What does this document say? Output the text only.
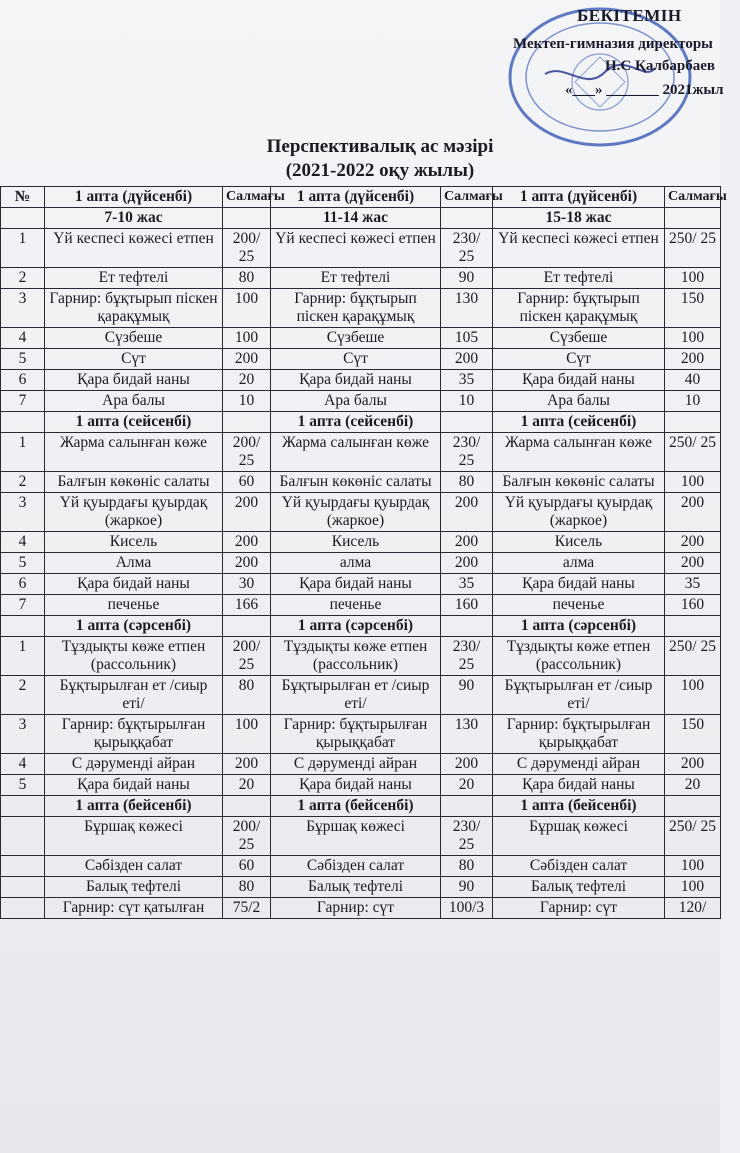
БЕКІТЕМІН
Мектеп-гимназия директоры
Н.С Қалбарбаев
«___» _______ 2021жыл
Перспективалық ас мәзірі
(2021-2022 оқу жылы)
№	1 апта (дүйсенбі)	Салмағы	1 апта (дүйсенбі)	Салмағы	1 апта (дүйсенбі)	Салмағы
	7-10 жас		11-14 жас		15-18 жас	
1	Үй кеспесі көжесі етпен	200/ 25	Үй кеспесі көжесі етпен	230/ 25	Үй кеспесі көжесі етпен	250/ 25
2	Ет тефтелі	80	Ет тефтелі	90	Ет тефтелі	100
3	Гарнир: бұқтырып піскен қарақұмық	100	Гарнир: бұқтырып піскен қарақұмық	130	Гарнир: бұқтырып піскен қарақұмық	150
4	Сүзбеше	100	Сүзбеше	105	Сүзбеше	100
5	Сүт	200	Сүт	200	Сүт	200
6	Қара бидай наны	20	Қара бидай наны	35	Қара бидай наны	40
7	Ара балы	10	Ара балы	10	Ара балы	10
	1 апта (сейсенбі)		1 апта (сейсенбі)		1 апта (сейсенбі)	
1	Жарма салынған көже	200/ 25	Жарма салынған көже	230/ 25	Жарма салынған көже	250/ 25
2	Балғын көкөніс салаты	60	Балғын көкөніс салаты	80	Балғын көкөніс салаты	100
3	Үй қуырдағы қуырдақ (жаркое)	200	Үй қуырдағы қуырдақ (жаркое)	200	Үй қуырдағы қуырдақ (жаркое)	200
4	Кисель	200	Кисель	200	Кисель	200
5	Алма	200	алма	200	алма	200
6	Қара бидай наны	30	Қара бидай наны	35	Қара бидай наны	35
7	печенье	166	печенье	160	печенье	160
	1 апта (сәрсенбі)		1 апта (сәрсенбі)		1 апта (сәрсенбі)	
1	Тұздықты көже етпен (рассольник)	200/ 25	Тұздықты көже етпен (рассольник)	230/ 25	Тұздықты көже етпен (рассольник)	250/ 25
2	Бұқтырылған ет /сиыр еті/	80	Бұқтырылған ет /сиыр еті/	90	Бұқтырылған ет /сиыр еті/	100
3	Гарнир: бұқтырылған қырыққабат	100	Гарнир: бұқтырылған қырыққабат	130	Гарнир: бұқтырылған қырыққабат	150
4	С дәруменді айран	200	С дәруменді айран	200	С дәруменді айран	200
5	Қара бидай наны	20	Қара бидай наны	20	Қара бидай наны	20
	1 апта (бейсенбі)		1 апта (бейсенбі)		1 апта (бейсенбі)	
	Бұршақ көжесі	200/ 25	Бұршақ көжесі	230/ 25	Бұршақ көжесі	250/ 25
	Сәбізден салат	60	Сәбізден салат	80	Сәбізден салат	100
	Балық тефтелі	80	Балық тефтелі	90	Балық тефтелі	100
	Гарнир: сүт қатылған	75/2	Гарнир: сүт	100/3	Гарнир: сүт	120/
